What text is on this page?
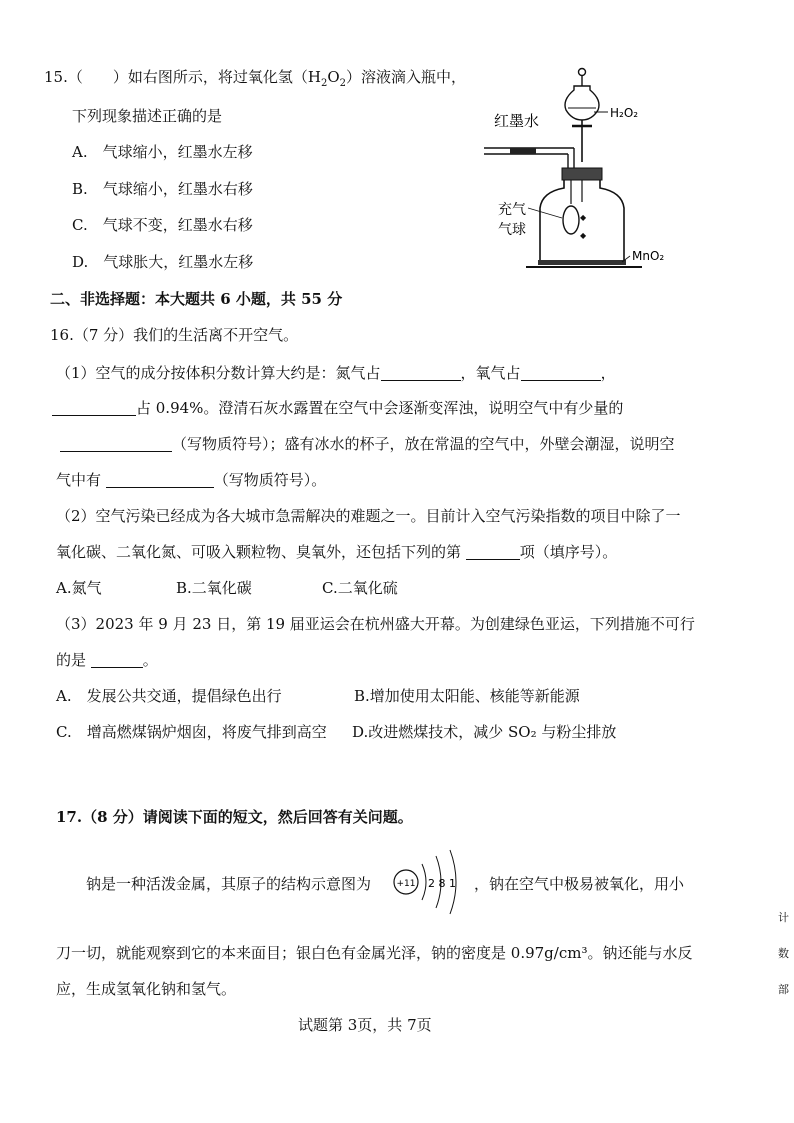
15.（　　）如右图所示，将过氧化氢$(H_2O_2)$溶液滴入瓶中，
下列现象描述正确的是
A.　 气球缩小，红墨水左移
B.　 气球缩小，红墨水右移
C.　 气球不变，红墨水右移
D.　 气球胀大，红墨水左移
H₂O₂
红墨水
◆
◆
充气
气球
MnO₂
二、非选择题：本大题共 6 小题，共 55 分
16.（7 分）我们的生活离不开空气。
（1）空气的成分按体积分数计算大约是：氮气占	，氧气占	，
占 0.94%。澄清石灰水露置在空气中会逐渐变浑浊，说明空气中有少量的
（写物质符号）；盛有冰水的杯子，放在常温的空气中，外壁会潮湿，说明空
气中有	（写物质符号）。
（2）空气污染已经成为各大城市急需解决的难题之一。目前计入空气污染指数的项目中除了一
氧化碳、二氧化氮、可吸入颗粒物、臭氧外，还包括下列的第	项（填序号）。
A.氮气	B.二氧化碳	C.二氧化硫
（3）2023 年 9 月 23 日，第 19 届亚运会在杭州盛大开幕。为创建绿色亚运，下列措施不可行
的是	。
A.　发展公共交通，提倡绿色出行	B.增加使用太阳能、核能等新能源
C.　增高燃煤锅炉烟囱，将废气排到高空 D.改进燃煤技术，减少 SO₂ 与粉尘排放
17.（8 分）请阅读下面的短文，然后回答有关问题。
钠是一种活泼金属，其原子的结构示意图为	+11 2 8 1 ，钠在空气中极易被氧化，用小
刀一切，就能观察到它的本来面目；银白色有金属光泽，钠的密度是 0.97g/cm³。钠还能与水反
应，生成氢氧化钠和氢气。
试题第 3页，共 7页
计
数
部
